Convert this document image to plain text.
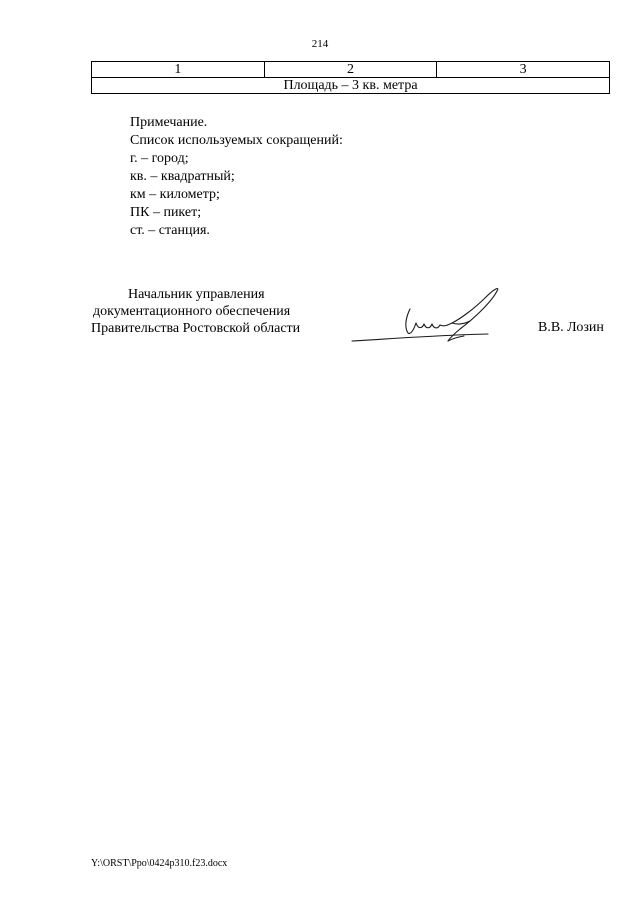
214
1	2	3
Площадь – 3 кв. метра
Примечание.
Список используемых сокращений:
г. – город;
кв. – квадратный;
км – километр;
ПК – пикет;
ст. – станция.
Начальник управления
документационного обеспечения
Правительства Ростовской области	В.В. Лозин
Y:\ORST\Ppo\0424p310.f23.docx
